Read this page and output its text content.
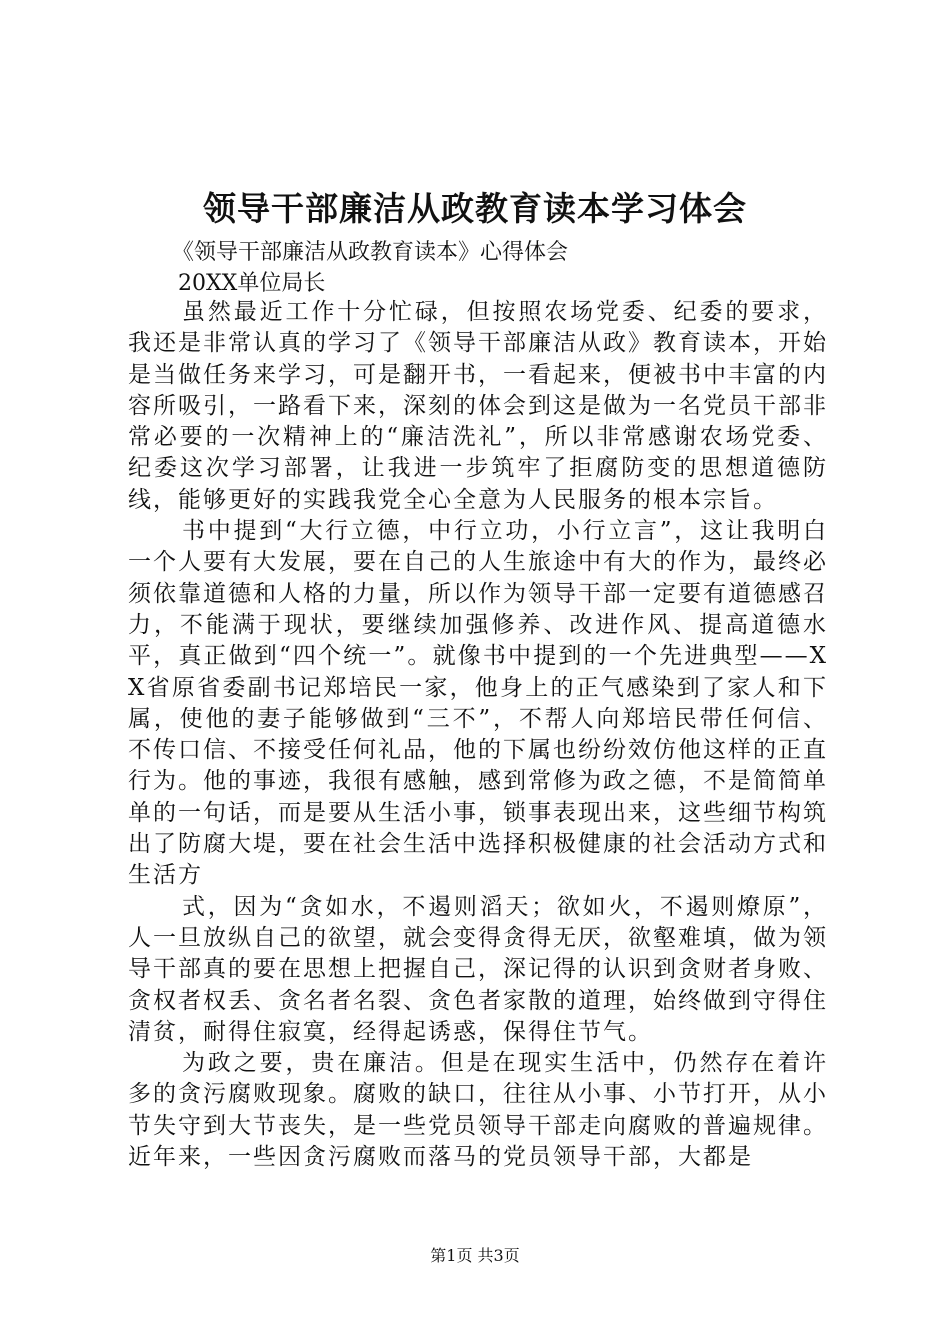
领导干部廉洁从政教育读本学习体会

《领导干部廉洁从政教育读本》心得体会

20XX单位局长

虽然最近工作十分忙碌，但按照农场党委、纪委的要求，我还是非常认真的学习了《领导干部廉洁从政》教育读本，开始是当做任务来学习，可是翻开书，一看起来，便被书中丰富的内容所吸引，一路看下来，深刻的体会到这是做为一名党员干部非常必要的一次精神上的“廉洁洗礼”，所以非常感谢农场党委、纪委这次学习部署，让我进一步筑牢了拒腐防变的思想道德防线，能够更好的实践我党全心全意为人民服务的根本宗旨。

书中提到“大行立德，中行立功，小行立言”，这让我明白一个人要有大发展，要在自己的人生旅途中有大的作为，最终必须依靠道德和人格的力量，所以作为领导干部一定要有道德感召力，不能满于现状，要继续加强修养、改进作风、提高道德水平，真正做到“四个统一”。就像书中提到的一个先进典型——XX省原省委副书记郑培民一家，他身上的正气感染到了家人和下属，使他的妻子能够做到“三不”，不帮人向郑培民带任何信、不传口信、不接受任何礼品，他的下属也纷纷效仿他这样的正直行为。他的事迹，我很有感触，感到常修为政之德，不是简简单单的一句话，而是要从生活小事，锁事表现出来，这些细节构筑出了防腐大堤，要在社会生活中选择积极健康的社会活动方式和生活方

式，因为“贪如水，不遏则滔天；欲如火，不遏则燎原”，人一旦放纵自己的欲望，就会变得贪得无厌，欲壑难填，做为领导干部真的要在思想上把握自己，深记得的认识到贪财者身败、贪权者权丢、贪名者名裂、贪色者家散的道理，始终做到守得住清贫，耐得住寂寞，经得起诱惑，保得住节气。

为政之要，贵在廉洁。但是在现实生活中，仍然存在着许多的贪污腐败现象。腐败的缺口，往往从小事、小节打开，从小节失守到大节丧失，是一些党员领导干部走向腐败的普遍规律。近年来，一些因贪污腐败而落马的党员领导干部，大都是

第1页 共3页
